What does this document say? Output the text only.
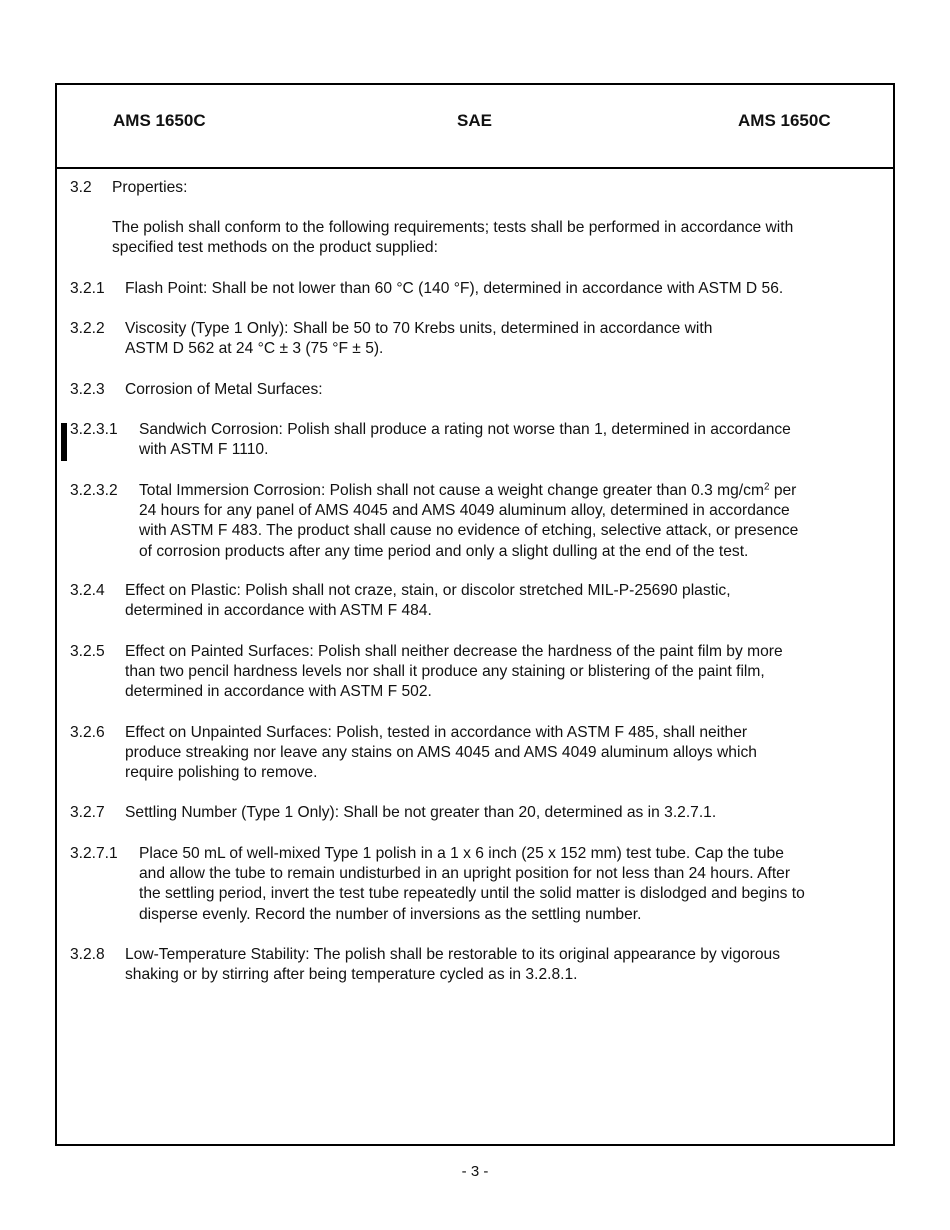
AMS 1650C	SAE	AMS 1650C
3.2 Properties:
The polish shall conform to the following requirements; tests shall be performed in accordance with
specified test methods on the product supplied:
3.2.1 Flash Point: Shall be not lower than 60 °C (140 °F), determined in accordance with ASTM D 56.
3.2.2 Viscosity (Type 1 Only): Shall be 50 to 70 Krebs units, determined in accordance with
ASTM D 562 at 24 °C ± 3 (75 °F ± 5).
3.2.3 Corrosion of Metal Surfaces:
3.2.3.1 Sandwich Corrosion: Polish shall produce a rating not worse than 1, determined in accordance
with ASTM F 1110.
3.2.3.2 Total Immersion Corrosion: Polish shall not cause a weight change greater than 0.3 $mg/cm^2$ per
24 hours for any panel of AMS 4045 and AMS 4049 aluminum alloy, determined in accordance
with ASTM F 483. The product shall cause no evidence of etching, selective attack, or presence
of corrosion products after any time period and only a slight dulling at the end of the test.
3.2.4 Effect on Plastic: Polish shall not craze, stain, or discolor stretched MIL-P-25690 plastic,
determined in accordance with ASTM F 484.
3.2.5 Effect on Painted Surfaces: Polish shall neither decrease the hardness of the paint film by more
than two pencil hardness levels nor shall it produce any staining or blistering of the paint film,
determined in accordance with ASTM F 502.
3.2.6 Effect on Unpainted Surfaces: Polish, tested in accordance with ASTM F 485, shall neither
produce streaking nor leave any stains on AMS 4045 and AMS 4049 aluminum alloys which
require polishing to remove.
3.2.7 Settling Number (Type 1 Only): Shall be not greater than 20, determined as in 3.2.7.1.
3.2.7.1 Place 50 mL of well-mixed Type 1 polish in a 1 x 6 inch (25 x 152 mm) test tube. Cap the tube
and allow the tube to remain undisturbed in an upright position for not less than 24 hours. After
the settling period, invert the test tube repeatedly until the solid matter is dislodged and begins to
disperse evenly. Record the number of inversions as the settling number.
3.2.8 Low-Temperature Stability: The polish shall be restorable to its original appearance by vigorous
shaking or by stirring after being temperature cycled as in 3.2.8.1.
- 3 -
